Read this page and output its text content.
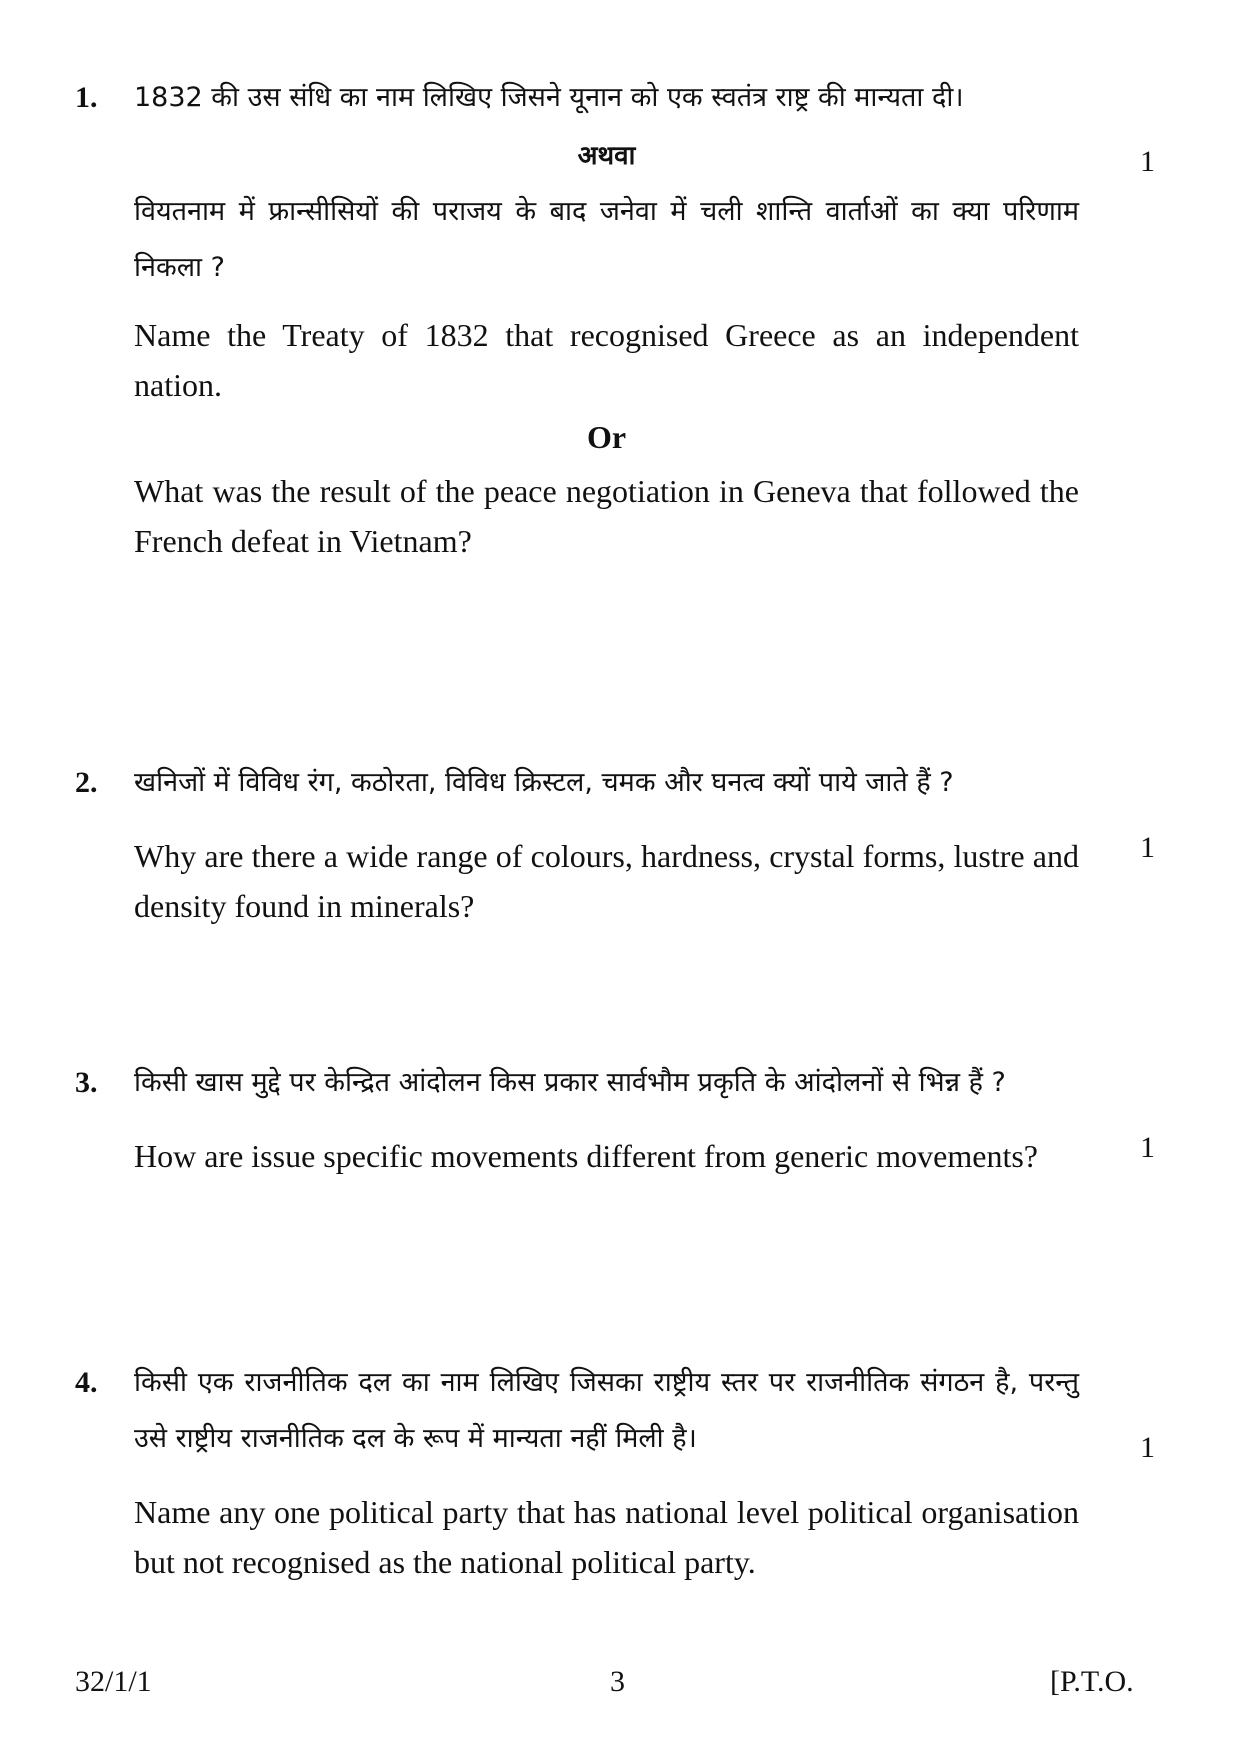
1. 1832 की उस संधि का नाम लिखिए जिसने यूनान को एक स्वतंत्र राष्ट्र की मान्यता दी।
अथवा
वियतनाम में फ्रान्सीसियों की पराजय के बाद जनेवा में चली शान्ति वार्ताओं का क्या परिणाम निकला ?
Name the Treaty of 1832 that recognised Greece as an independent nation.
Or
What was the result of the peace negotiation in Geneva that followed the French defeat in Vietnam?
1
2. खनिजों में विविध रंग, कठोरता, विविध क्रिस्टल, चमक और घनत्व क्यों पाये जाते हैं ?
Why are there a wide range of colours, hardness, crystal forms, lustre and density found in minerals?
1
3. किसी खास मुद्दे पर केन्द्रित आंदोलन किस प्रकार सार्वभौम प्रकृति के आंदोलनों से भिन्न हैं ?
How are issue specific movements different from generic movements?	1
4. किसी एक राजनीतिक दल का नाम लिखिए जिसका राष्ट्रीय स्तर पर राजनीतिक संगठन है, परन्तु उसे राष्ट्रीय राजनीतिक दल के रूप में मान्यता नहीं मिली है।
Name any one political party that has national level political organisation but not recognised as the national political party.
1
32/1/1	3	[P.T.O.
